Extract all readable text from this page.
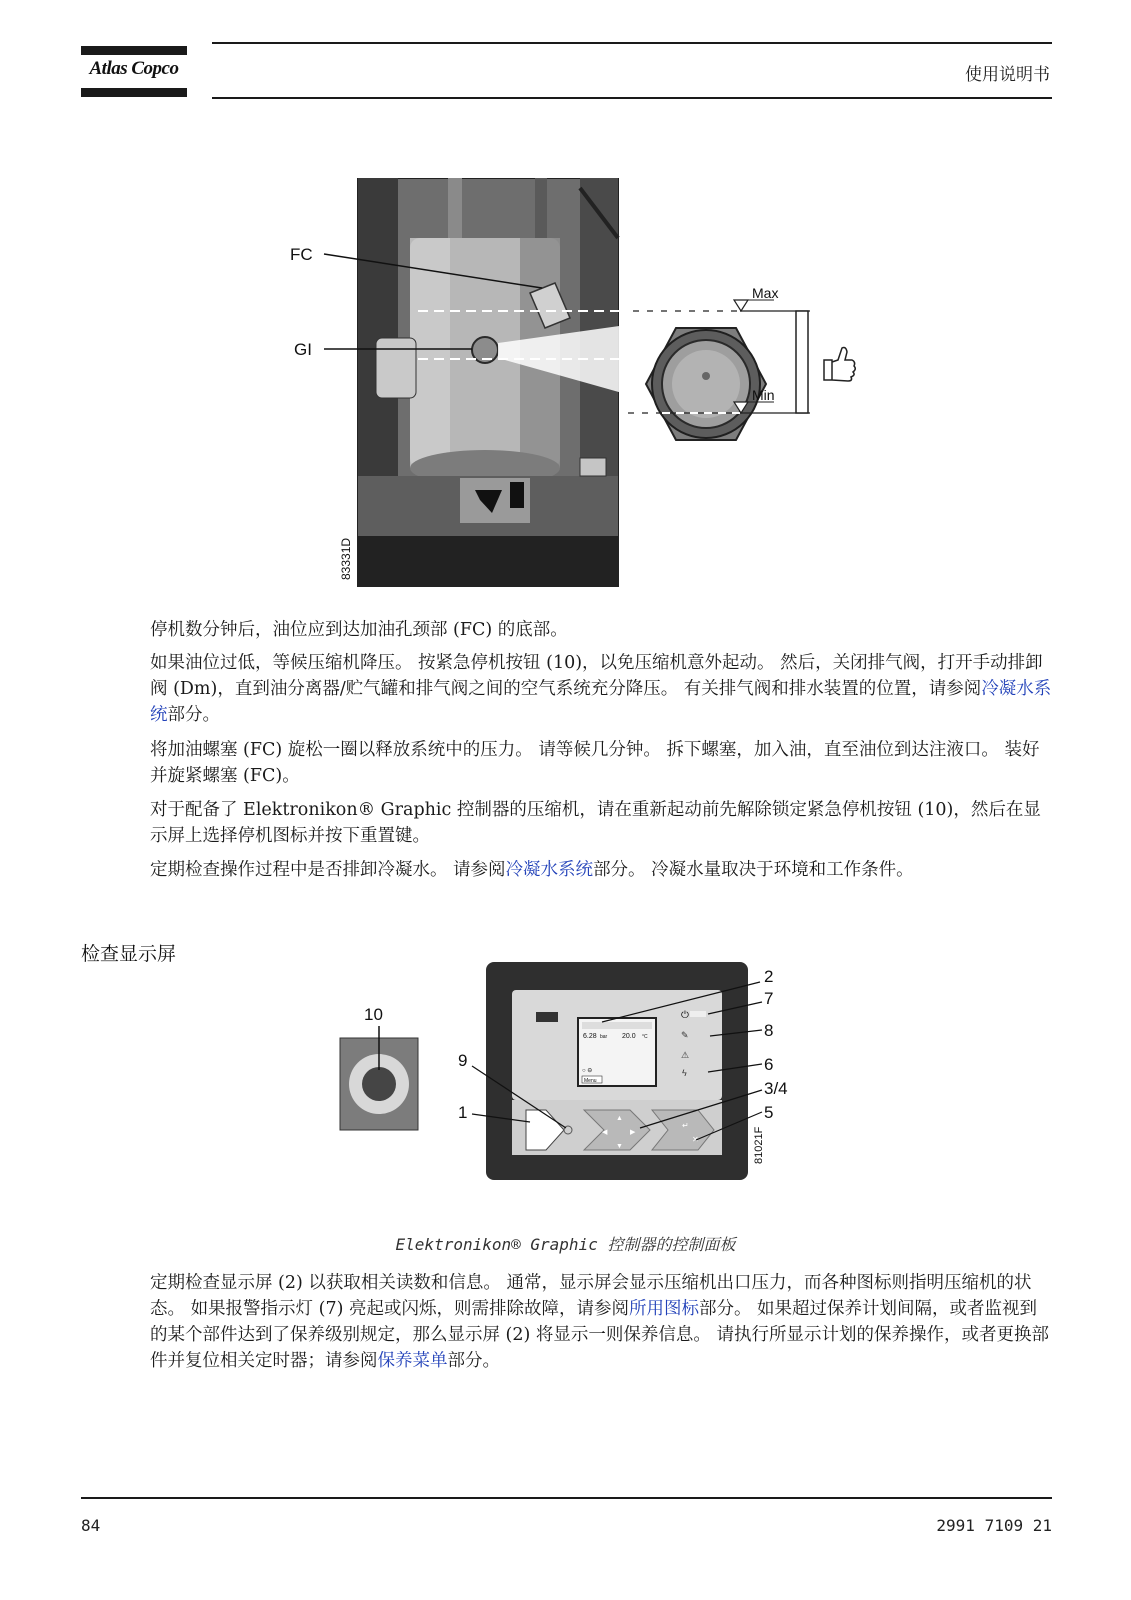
Atlas Copco	使用说明书
FC
GI
Max
Min
83331D

停机数分钟后，油位应到达加油孔颈部 (FC) 的底部。

如果油位过低，等候压缩机降压。 按紧急停机按钮 (10)，以免压缩机意外起动。 然后，关闭排气阀，打开手动排卸阀 (Dm)，直到油分离器/贮气罐和排气阀之间的空气系统充分降压。 有关排气阀和排水装置的位置，请参阅冷凝水系统部分。

将加油螺塞 (FC) 旋松一圈以释放系统中的压力。 请等候几分钟。 拆下螺塞，加入油，直至油位到达注液口。 装好并旋紧螺塞 (FC)。

对于配备了 Elektronikon® Graphic 控制器的压缩机，请在重新起动前先解除锁定紧急停机按钮 (10)，然后在显示屏上选择停机图标并按下重置键。

定期检查操作过程中是否排卸冷凝水。 请参阅冷凝水系统部分。 冷凝水量取决于环境和工作条件。

检查显示屏
6.28 bar 20.0 °C
○ ⊖
Menu
⏻
✎
⚠
ϟ
▲
▼
◀	▶
↵
✕
10
9
1
2
7
8
6
3/4
5
81021F
Elektronikon® Graphic 控制器的控制面板

定期检查显示屏 (2) 以获取相关读数和信息。 通常，显示屏会显示压缩机出口压力，而各种图标则指明压缩机的状态。 如果报警指示灯 (7) 亮起或闪烁，则需排除故障，请参阅所用图标部分。 如果超过保养计划间隔，或者监视到的某个部件达到了保养级别规定，那么显示屏 (2) 将显示一则保养信息。 请执行所显示计划的保养操作，或者更换部件并复位相关定时器；请参阅保养菜单部分。

84	2991 7109 21
